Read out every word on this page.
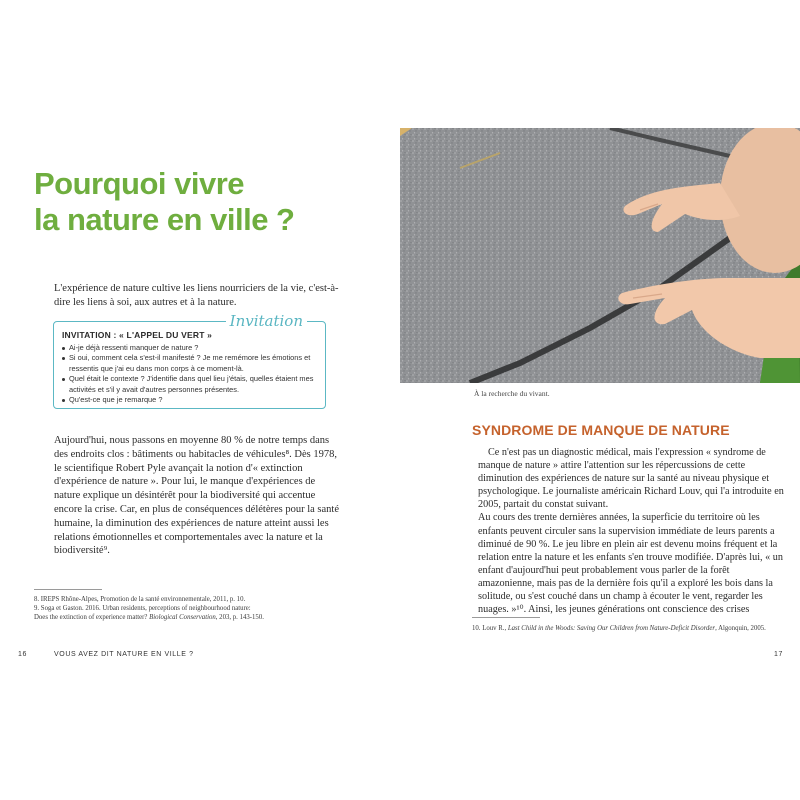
Pourquoi vivre
la nature en ville ?

L'expérience de nature cultive les liens nourriciers de la vie, c'est-à-dire les liens à soi, aux autres et à la nature.

Invitation
INVITATION : « L'APPEL DU VERT »
Ai-je déjà ressenti manquer de nature ?
Si oui, comment cela s'est-il manifesté ? Je me remémore les émotions et
ressentis que j'ai eu dans mon corps à ce moment-là.
Quel était le contexte ? J'identifie dans quel lieu j'étais, quelles étaient mes
activités et s'il y avait d'autres personnes présentes.
Qu'est-ce que je remarque ?

Aujourd'hui, nous passons en moyenne 80 % de notre temps dans des endroits clos : bâtiments ou habitacles de véhicules⁸. Dès 1978, le scientifique Robert Pyle avançait la notion d'« extinction d'expérience de nature ». Pour lui, le manque d'expériences de nature explique un désintérêt pour la biodiversité qui accentue encore la crise. Car, en plus de conséquences délétères pour la santé humaine, la diminution des expériences de nature atteint aussi les relations émotionnelles et comportementales avec la nature et la biodiversité⁹.

8. IREPS Rhône-Alpes, Promotion de la santé environnementale, 2011, p. 10.

9. Soga et Gaston. 2016. Urban residents, perceptions of neighbourhood nature:

Does the extinction of experience matter? Biological Conservation, 203, p. 143-150.

16	VOUS AVEZ DIT NATURE EN VILLE ?

À la recherche du vivant.

SYNDROME DE MANQUE DE NATURE

Ce n'est pas un diagnostic médical, mais l'expression « syndrome de manque de nature » attire l'attention sur les répercussions de cette diminution des expériences de nature sur la santé au niveau physique et psychologique. Le journaliste américain Richard Louv, qui l'a introduite en 2005, partait du constat suivant.

Au cours des trente dernières années, la superficie du territoire où les enfants peuvent circuler sans la supervision immédiate de leurs parents a diminué de 90 %. Le jeu libre en plein air est devenu moins fréquent et la relation entre la nature et les enfants s'en trouve modifiée. D'après lui, « un enfant d'aujourd'hui peut probablement vous parler de la forêt amazonienne, mais pas de la dernière fois qu'il a exploré les bois dans la solitude, ou s'est couché dans un champ à écouter le vent, regarder les nuages. »¹⁰. Ainsi, les jeunes générations ont conscience des crises

10. Louv R., Last Child in the Woods: Saving Our Children from Nature-Deficit Disorder, Algonquin, 2005.

17
